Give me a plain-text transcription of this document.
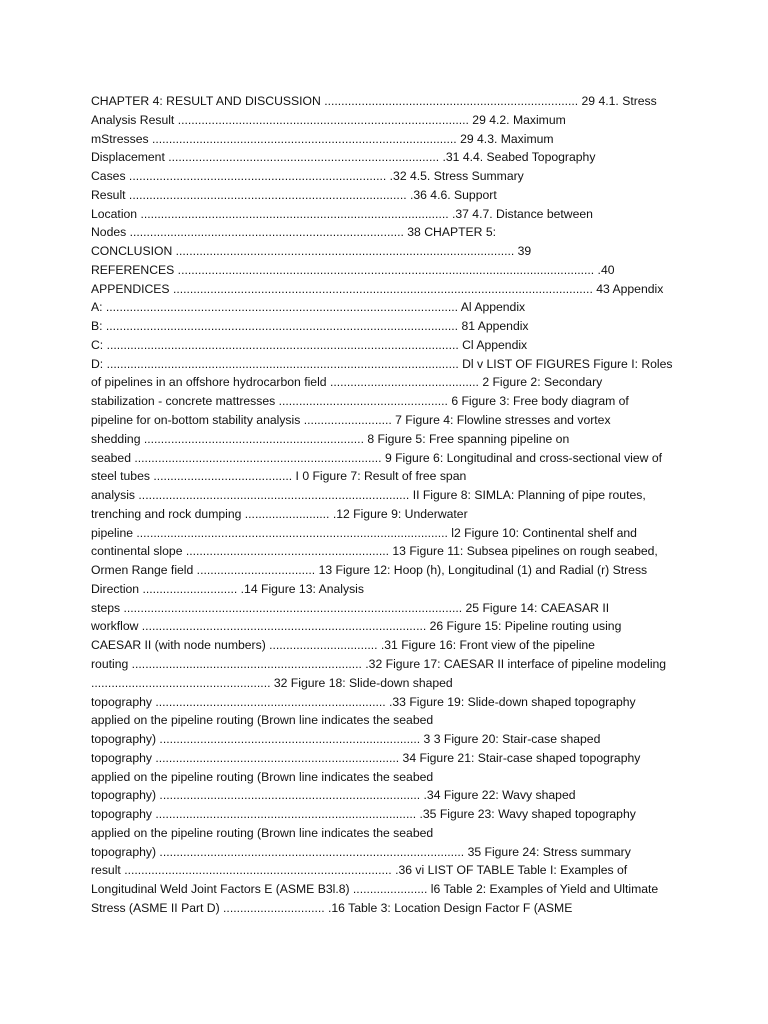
CHAPTER 4: RESULT AND DISCUSSION ........................................................................... 29 4.1. Stress
Analysis Result ...................................................................................... 29 4.2. Maximum
mStresses .......................................................................................... 29 4.3. Maximum
Displacement ................................................................................ .31 4.4. Seabed Topography
Cases ............................................................................ .32 4.5. Stress Summary
Result .................................................................................. .36 4.6. Support
Location ........................................................................................... .37 4.7. Distance between
Nodes ................................................................................. 38 CHAPTER 5:
CONCLUSION .................................................................................................... 39
REFERENCES ........................................................................................................................... .40
APPENDICES ............................................................................................................................ 43 Appendix
A: ........................................................................................................ Al Appendix
B: ........................................................................................................ 81 Appendix
C: ........................................................................................................ Cl Appendix
D: ........................................................................................................ Dl v LIST OF FIGURES Figure I: Roles
of pipelines in an offshore hydrocarbon field ............................................ 2 Figure 2: Secondary
stabilization - concrete mattresses .................................................. 6 Figure 3: Free body diagram of
pipeline for on-bottom stability analysis .......................... 7 Figure 4: Flowline stresses and vortex
shedding ................................................................. 8 Figure 5: Free spanning pipeline on
seabed ......................................................................... 9 Figure 6: Longitudinal and cross-sectional view of
steel tubes ......................................... I 0 Figure 7: Result of free span
analysis ................................................................................ II Figure 8: SIMLA: Planning of pipe routes,
trenching and rock dumping ......................... .12 Figure 9: Underwater
pipeline ............................................................................................ l2 Figure 10: Continental shelf and
continental slope ............................................................ 13 Figure 11: Subsea pipelines on rough seabed,
Ormen Range field ................................... 13 Figure 12: Hoop (h), Longitudinal (1) and Radial (r) Stress
Direction ............................ .14 Figure 13: Analysis
steps .................................................................................................... 25 Figure 14: CAEASAR II
workflow .................................................................................... 26 Figure 15: Pipeline routing using
CAESAR II (with node numbers) ................................ .31 Figure 16: Front view of the pipeline
routing .................................................................... .32 Figure 17: CAESAR II interface of pipeline modeling
..................................................... 32 Figure 18: Slide-down shaped
topography .................................................................... .33 Figure 19: Slide-down shaped topography
applied on the pipeline routing (Brown line indicates the seabed
topography) ............................................................................. 3 3 Figure 20: Stair-case shaped
topography ........................................................................ 34 Figure 21: Stair-case shaped topography
applied on the pipeline routing (Brown line indicates the seabed
topography) ............................................................................. .34 Figure 22: Wavy shaped
topography ............................................................................. .35 Figure 23: Wavy shaped topography
applied on the pipeline routing (Brown line indicates the seabed
topography) .......................................................................................... 35 Figure 24: Stress summary
result ............................................................................... .36 vi LIST OF TABLE Table I: Examples of
Longitudinal Weld Joint Factors E (ASME B3l.8) ...................... l6 Table 2: Examples of Yield and Ultimate
Stress (ASME II Part D) .............................. .16 Table 3: Location Design Factor F (ASME
